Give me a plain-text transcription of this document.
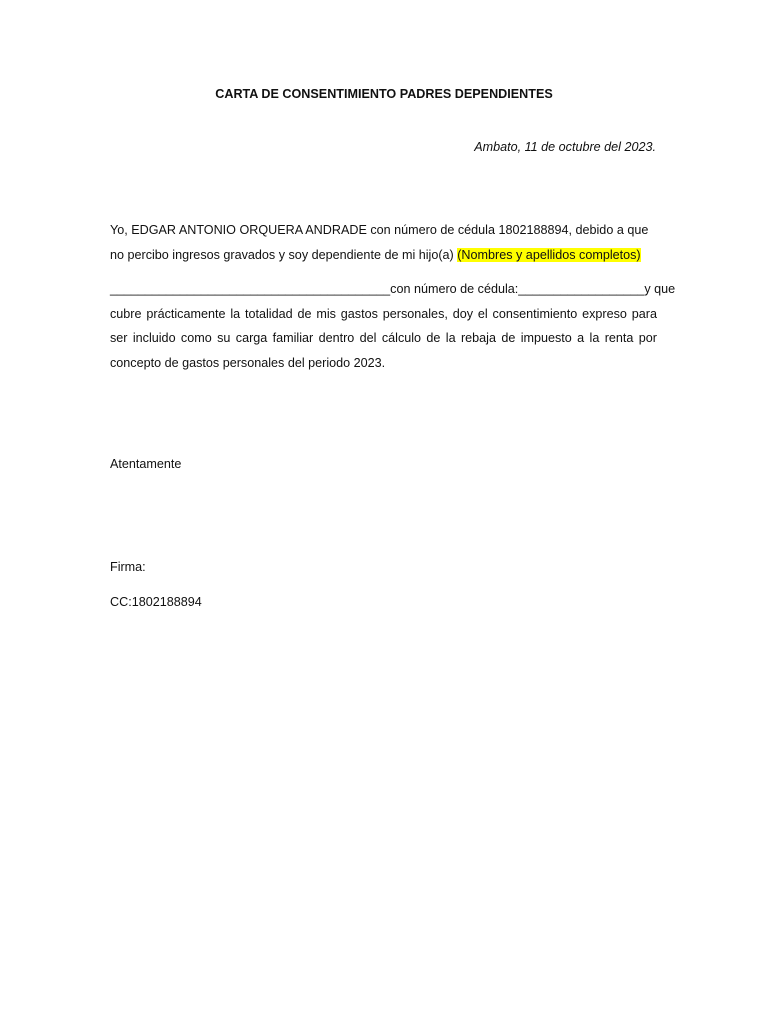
CARTA DE CONSENTIMIENTO PADRES DEPENDIENTES
Ambato, 11 de octubre del 2023.
Yo, EDGAR ANTONIO ORQUERA ANDRADE con número de cédula 1802188894, debido a que
no percibo ingresos gravados y soy dependiente de mi hijo(a) (Nombres y apellidos completos)
________________________________________ con número de cédula: __________________ y que
cubre prácticamente la totalidad de mis gastos personales, doy el consentimiento expreso para ser incluido como su carga familiar dentro del cálculo de la rebaja de impuesto a la renta por concepto de gastos personales del periodo 2023.
Atentamente
Firma:
CC:1802188894
